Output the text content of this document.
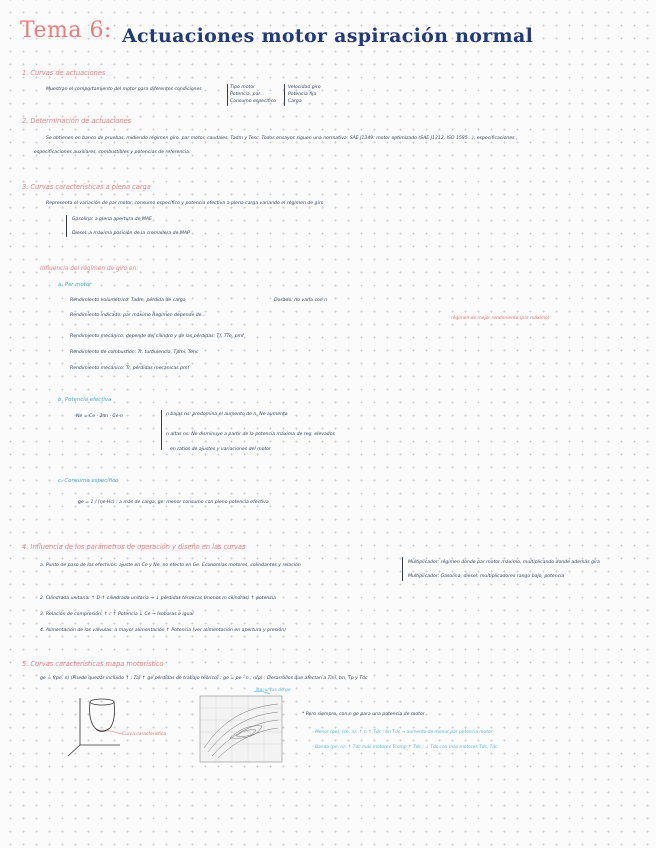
Tema 6: Actuaciones motor aspiración normal
1. Curvas de actuaciones
Muestran el comportamiento del motor para diferentes condiciones	Tipo motor
Potencia, par...
Consumo específico
Velocidad giro
Potencia fija
Carga
2. Determinación de actuaciones
Se obtienen en banco de pruebas, midiendo régimen giro, par motor, caudales, Tadm y Tesc. Todos ensayos siguen una normativa: SAE J1349: motor optimizado (SAE J1312, ISO 1585...), especificaciones ,
especificaciones auxiliares, combustibles y potencias de referencia.
3. Curvas características a plena carga
Representa el variación de par motor, consumo específico y potencia efectiva a plena carga variando el régimen de giro
Gasolina: a plena apertura de MAE
Diesel: a máxima posición de la cremallera de MAP
Influencia del régimen de giro en:
a. Par motor
Rendimiento volumétrico: Tadm, pérdida de carga	Dosado: no varía con n
Rendimiento indicado: par máximo Regimen depende de...
- régimen de mejor rendimiento (par máximo)
Rendimiento mecánico: depende del cilindro y de las pérdidas: Tf, TTe, pmf
Rendimiento de combustión: Tr, turbulencia, Tpmi, Tenc
Rendimiento mecánico: Tr, pérdidas mecánicas pmf
b. Potencia efectiva
Ne = Ce · 2πn · Ce·n	n bajas ns: predomina el aumento de n, Ne aumenta
n altas ns: Ne disminuye a partir de la potencia máxima de reg. elevados
en ratios de ajustes y variaciones del motor
c. Consumo específico
ge = 1 / (ηe·Hc) : a más de carga, ge: menor consumo con pleno potencia efectiva
4. Influencia de los parámetros de operación y diseño en las curvas
a. Punto de paso de los efectivos: ajuste en Ce y Ne, no efecto en Ge. Economías motores, colindantes y relación
Multiplicador: régimen donde par motor máximo, multiplicando donde además gira
Multiplicador: Gasolina, diesel: multiplicadores rango bajo, potencia
2. Cilindrada unitaria: ↑ D ↑ cilindrada unitaria → ↓ pérdidas térmicas (menos m cilindros) ↑ potencia
3. Relación de compresión: ↑ r ↑ Potencia ↓ Ce → Isobaras e igual
4. Alimentación de las válvulas: a mayor alimentación ↑ Potencia (ver alimentación en apertura y presión)
5. Curvas características mapa motorístico
ge = f(pe, n) (Puede quedar incluido ↑ ; Ta) ↑ ge pérdidas de trabajo teórico) ; ge = pe · n ; n(ρ) : Desarrollos que afectan a Tini, tm, Tp y Tdc
Curva característica
isocurvas de ge
* Pero siempre, con n ge para una potencia de motor
- Menor (pe), (ce, n): ↑ n ↑ Tdc ; bn Tdc → aumento de menor par potencia motor
- Banda (pe, n): ↑ Tdc más motores Tcomp ↑ Tdc ; ↓ Tdc con más motores Tdc, Tdc
